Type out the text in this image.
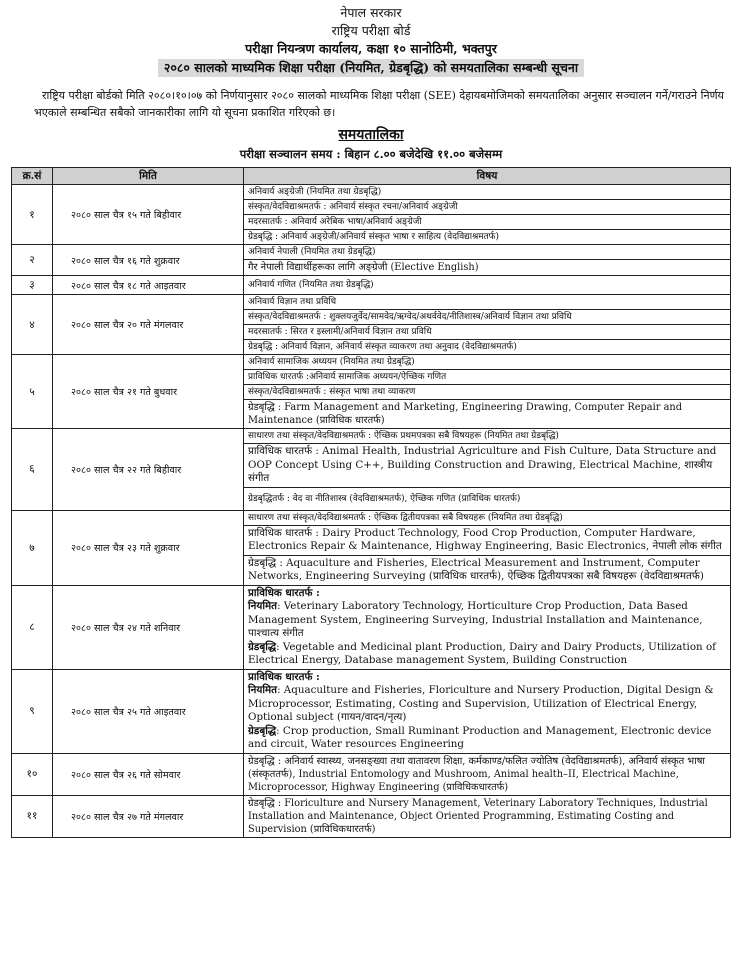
नेपाल सरकार
राष्ट्रिय परीक्षा बोर्ड
परीक्षा नियन्त्रण कार्यालय, कक्षा १० सानोठिमी, भक्तपुर
२०८० सालको माध्यमिक शिक्षा परीक्षा (नियमित, ग्रेडबृद्धि) को समयतालिका सम्बन्धी सूचना
राष्ट्रिय परीक्षा बोर्डको मिति २०८०।१०।०७ को निर्णयानुसार २०८० सालको माध्यमिक शिक्षा परीक्षा (SEE) देहायबमोजिमको समयतालिका अनुसार सञ्चालन गर्ने/गराउने निर्णय भएकाले सम्बन्धित सबैको जानकारीका लागि यो सूचना प्रकाशित गरिएको छ।
समयतालिका
परीक्षा सञ्चालन समय : बिहान ८.०० बजेदेखि ११.०० बजेसम्म
क्र.सं	मिति	विषय
१	२०८० साल चैत्र १५ गते बिहीवार	अनिवार्य अङ्ग्रेजी (नियमित तथा ग्रेडबृद्धि)
संस्कृत/वेदविद्याश्रमतर्फ : अनिवार्य संस्कृत रचना/अनिवार्य अङ्ग्रेजी
मदरसातर्फ : अनिवार्य अरेबिक भाषा/अनिवार्य अङ्ग्रेजी
ग्रेडबृद्धि : अनिवार्य अङ्ग्रेजी/अनिवार्य संस्कृत भाषा र साहित्य (वेदविद्याश्रमतर्फ)

२	२०८० साल चैत्र १६ गते शुक्रवार	अनिवार्य नेपाली (नियमित तथा ग्रेडबृद्धि)
गैर नेपाली विद्यार्थीहरूका लागि अङ्ग्रेजी (Elective English)

३	२०८० साल चैत्र १८ गते आइतवार	अनिवार्य गणित (नियमित तथा ग्रेडबृद्धि)

४	२०८० साल चैत्र २० गते मंगलवार	अनिवार्य विज्ञान तथा प्रविधि
संस्कृत/वेदविद्याश्रमतर्फ : शुक्लयजुर्वेद/सामवेद/ऋग्वेद/अथर्ववेद/नीतिशास्त्र/अनिवार्य विज्ञान तथा प्रविधि
मदरसातर्फ : सिरत र इस्लामी/अनिवार्य विज्ञान तथा प्रविधि
ग्रेडबृद्धि : अनिवार्य विज्ञान, अनिवार्य संस्कृत व्याकरण तथा अनुवाद (वेदविद्याश्रमतर्फ)

५	२०८० साल चैत्र २१ गते बुधवार	अनिवार्य सामाजिक अध्ययन (नियमित तथा ग्रेडबृद्धि)
प्राविधिक धारतर्फ :अनिवार्य सामाजिक अध्ययन/ऐच्छिक गणित
संस्कृत/वेदविद्याश्रमतर्फ : संस्कृत भाषा तथा व्याकरण
ग्रेडबृद्धि : Farm Management and Marketing, Engineering Drawing, Computer Repair and Maintenance (प्राविधिक धारतर्फ)

६	२०८० साल चैत्र २२ गते बिहीवार	साधारण तथा संस्कृत/वेदविद्याश्रमतर्फ : ऐच्छिक प्रथमपत्रका सबै विषयहरू (नियमित तथा ग्रेडबृद्धि)
प्राविधिक धारतर्फ : Animal Health, Industrial Agriculture and Fish Culture, Data Structure and OOP Concept Using C++, Building Construction and Drawing, Electrical Machine, शास्त्रीय संगीत
ग्रेडबृद्धितर्फ : वेद वा नीतिशास्त्र (वेदविद्याश्रमतर्फ), ऐच्छिक गणित (प्राविधिक धारतर्फ)

७	२०८० साल चैत्र २३ गते शुक्रवार	साधारण तथा संस्कृत/वेदविद्याश्रमतर्फ : ऐच्छिक द्वितीयपत्रका सबै विषयहरू (नियमित तथा ग्रेडबृद्धि)
प्राविधिक धारतर्फ : Dairy Product Technology, Food Crop Production, Computer Hardware, Electronics Repair & Maintenance, Highway Engineering, Basic Electronics, नेपाली लोक संगीत
ग्रेडबृद्धि : Aquaculture and Fisheries, Electrical Measurement and Instrument, Computer Networks, Engineering Surveying (प्राविधिक धारतर्फ), ऐच्छिक द्वितीयपत्रका सबै विषयहरू (वेदविद्याश्रमतर्फ)

८	२०८० साल चैत्र २४ गते शनिवार	प्राविधिक धारतर्फ :
नियमित: Veterinary Laboratory Technology, Horticulture Crop Production, Data Based Management System, Engineering Surveying, Industrial Installation and Maintenance, पाश्चात्य संगीत
ग्रेडबृद्धि: Vegetable and Medicinal plant Production, Dairy and Dairy Products, Utilization of Electrical Energy, Database management System, Building Construction

९	२०८० साल चैत्र २५ गते आइतवार	प्राविधिक धारतर्फ :
नियमित: Aquaculture and Fisheries, Floriculture and Nursery Production, Digital Design & Microprocessor, Estimating, Costing and Supervision, Utilization of Electrical Energy, Optional subject (गायन/वादन/नृत्य)
ग्रेडबृद्धि: Crop production, Small Ruminant Production and Management, Electronic device and circuit, Water resources Engineering

१०	२०८० साल चैत्र २६ गते सोमवार	ग्रेडबृद्धि : अनिवार्य स्वास्थ्य, जनसङ्ख्या तथा वातावरण शिक्षा, कर्मकाण्ड/फलित ज्योतिष (वेदविद्याश्रमतर्फ), अनिवार्य संस्कृत भाषा (संस्कृततर्फ), Industrial Entomology and Mushroom, Animal health–II, Electrical Machine, Microprocessor, Highway Engineering (प्राविधिकधारतर्फ)

११	२०८० साल चैत्र २७ गते मंगलवार	ग्रेडबृद्धि : Floriculture and Nursery Management, Veterinary Laboratory Techniques, Industrial Installation and Maintenance, Object Oriented Programming, Estimating Costing and Supervision (प्राविधिकधारतर्फ)
